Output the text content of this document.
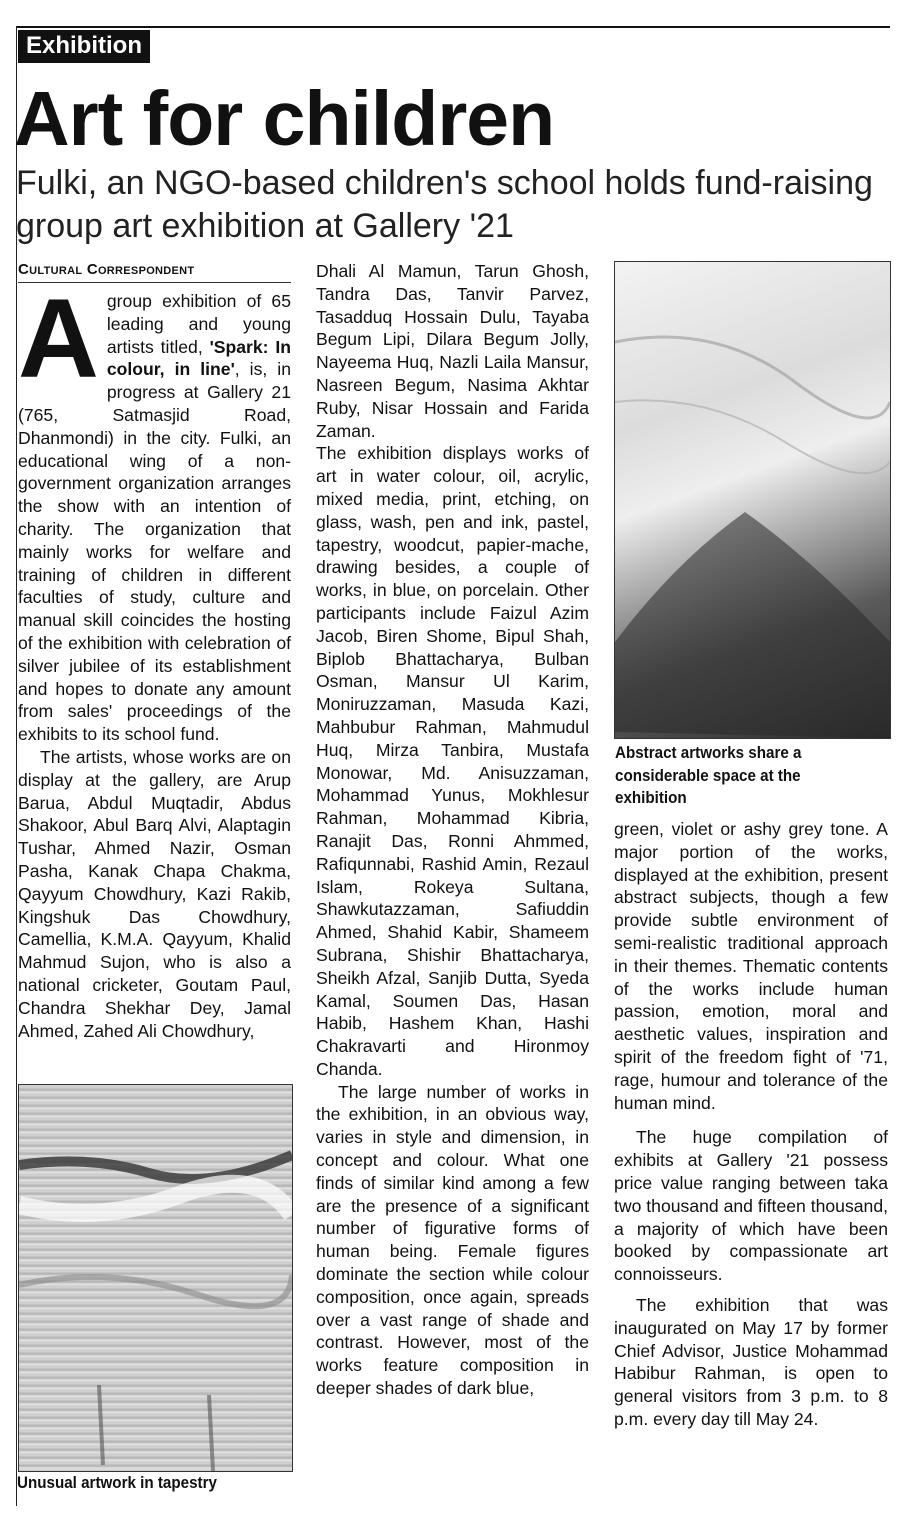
Exhibition
Art for children
Fulki, an NGO-based children's school holds fund-raising group art exhibition at Gallery '21
Cultural Correspondent

A group exhibition of 65 leading and young artists titled, 'Spark: In colour, in line', is, in progress at Gallery 21 (765, Satmasjid Road, Dhanmondi) in the city. Fulki, an educational wing of a non-government organization arranges the show with an intention of charity. The organization that mainly works for welfare and training of children in different faculties of study, culture and manual skill coincides the hosting of the exhibition with celebration of silver jubilee of its establishment and hopes to donate any amount from sales' proceedings of the exhibits to its school fund.

The artists, whose works are on display at the gallery, are Arup Barua, Abdul Muqtadir, Abdus Shakoor, Abul Barq Alvi, Alaptagin Tushar, Ahmed Nazir, Osman Pasha, Kanak Chapa Chakma, Qayyum Chowdhury, Kazi Rakib, Kingshuk Das Chowdhury, Camellia, K.M.A. Qayyum, Khalid Mahmud Sujon, who is also a national cricketer, Goutam Paul, Chandra Shekhar Dey, Jamal Ahmed, Zahed Ali Chowdhury,

Dhali Al Mamun, Tarun Ghosh, Tandra Das, Tanvir Parvez, Tasadduq Hossain Dulu, Tayaba Begum Lipi, Dilara Begum Jolly, Nayeema Huq, Nazli Laila Mansur, Nasreen Begum, Nasima Akhtar Ruby, Nisar Hossain and Farida Zaman.

The exhibition displays works of art in water colour, oil, acrylic, mixed media, print, etching, on glass, wash, pen and ink, pastel, tapestry, woodcut, papier-mache, drawing besides, a couple of works, in blue, on porcelain. Other participants include Faizul Azim Jacob, Biren Shome, Bipul Shah, Biplob Bhattacharya, Bulban Osman, Mansur Ul Karim, Moniruzzaman, Masuda Kazi, Mahbubur Rahman, Mahmudul Huq, Mirza Tanbira, Mustafa Monowar, Md. Anisuzzaman, Mohammad Yunus, Mokhlesur Rahman, Mohammad Kibria, Ranajit Das, Ronni Ahmmed, Rafiqunnabi, Rashid Amin, Rezaul Islam, Rokeya Sultana, Shawkutazzaman, Safiuddin Ahmed, Shahid Kabir, Shameem Subrana, Shishir Bhattacharya, Sheikh Afzal, Sanjib Dutta, Syeda Kamal, Soumen Das, Hasan Habib, Hashem Khan, Hashi Chakravarti and Hironmoy Chanda.

The large number of works in the exhibition, in an obvious way, varies in style and dimension, in concept and colour. What one finds of similar kind among a few are the presence of a significant number of figurative forms of human being. Female figures dominate the section while colour composition, once again, spreads over a vast range of shade and contrast. However, most of the works feature composition in deeper shades of dark blue,

Abstract artworks share a considerable space at the exhibition

green, violet or ashy grey tone. A major portion of the works, displayed at the exhibition, present abstract subjects, though a few provide subtle environment of semi-realistic traditional approach in their themes. Thematic contents of the works include human passion, emotion, moral and aesthetic values, inspiration and spirit of the freedom fight of '71, rage, humour and tolerance of the human mind.

The huge compilation of exhibits at Gallery '21 possess price value ranging between taka two thousand and fifteen thousand, a majority of which have been booked by compassionate art connoisseurs.

The exhibition that was inaugurated on May 17 by former Chief Advisor, Justice Mohammad Habibur Rahman, is open to general visitors from 3 p.m. to 8 p.m. every day till May 24.

Unusual artwork in tapestry
